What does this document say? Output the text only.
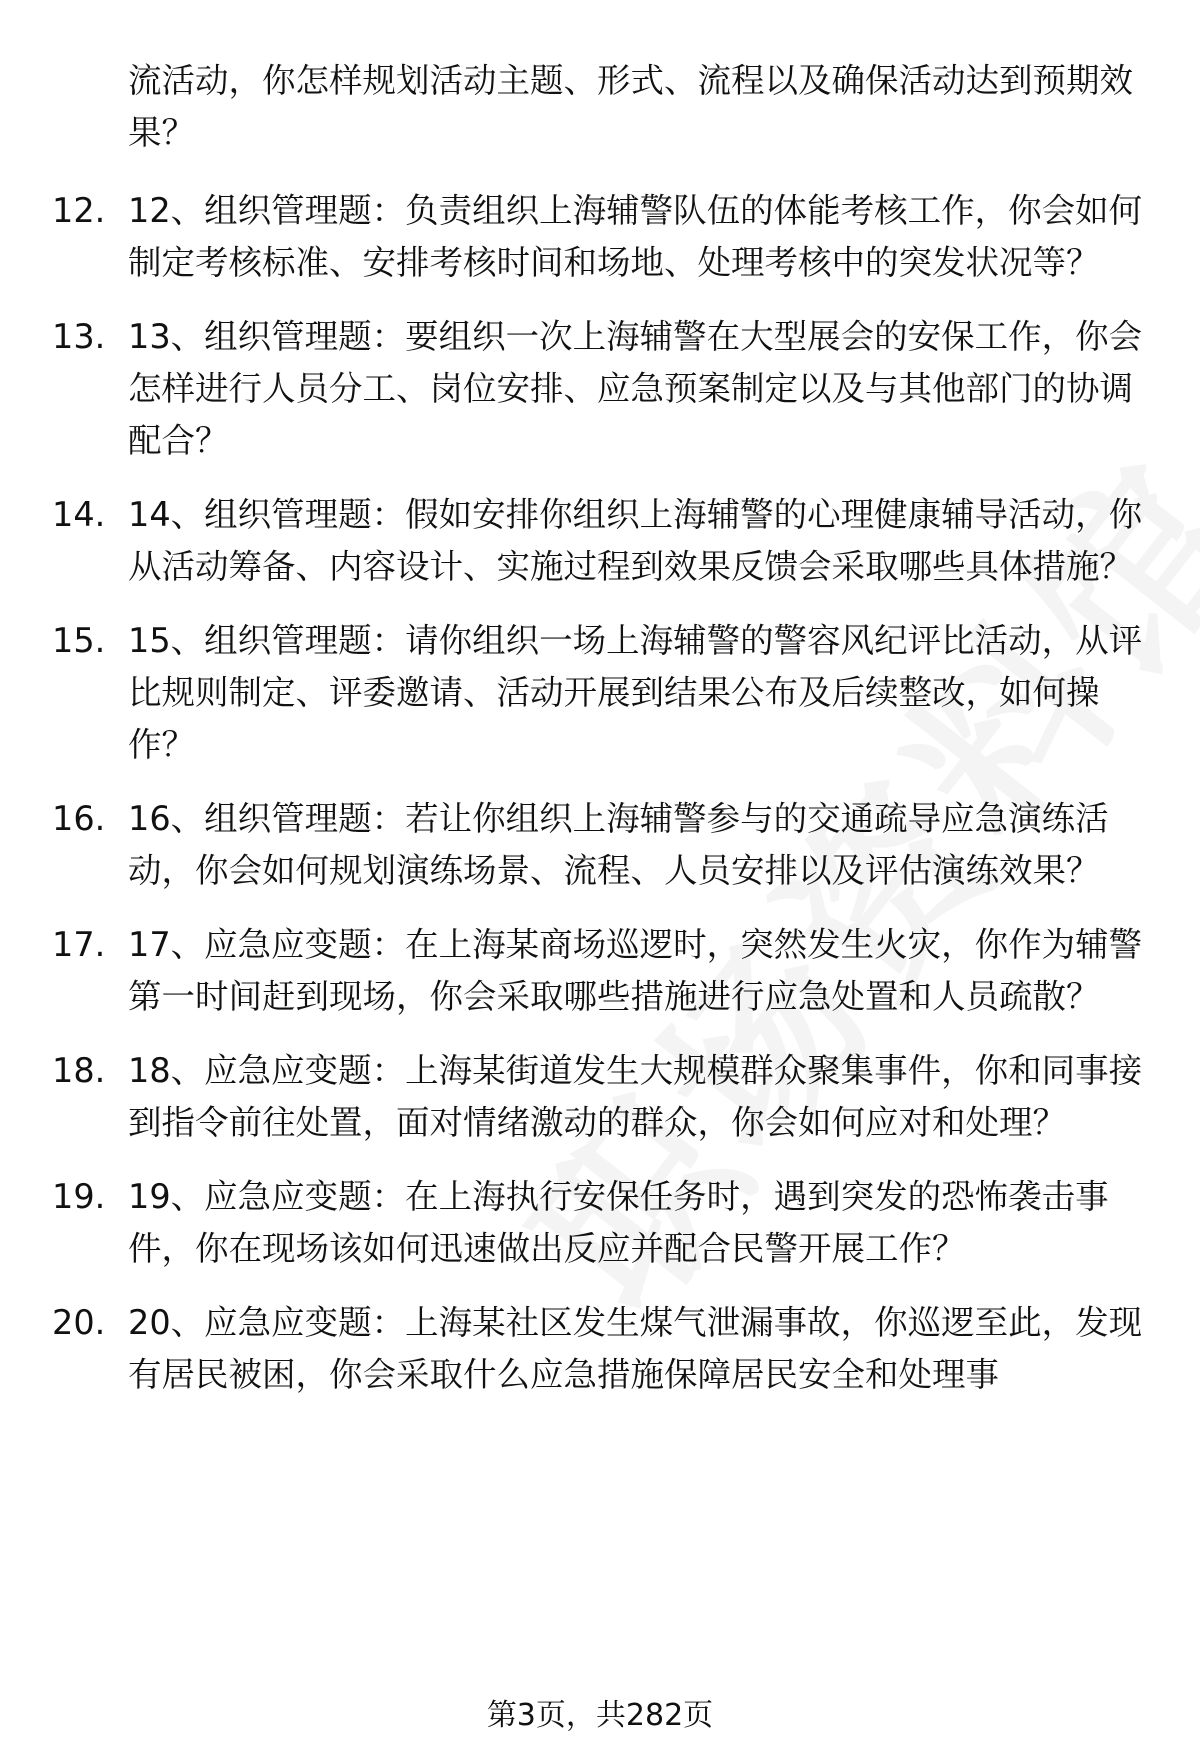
流活动，你怎样规划活动主题、形式、流程以及确保活动达到预期效果？

12. 12、组织管理题：负责组织上海辅警队伍的体能考核工作，你会如何制定考核标准、安排考核时间和场地、处理考核中的突发状况等？
13. 13、组织管理题：要组织一次上海辅警在大型展会的安保工作，你会怎样进行人员分工、岗位安排、应急预案制定以及与其他部门的协调配合？
14. 14、组织管理题：假如安排你组织上海辅警的心理健康辅导活动，你从活动筹备、内容设计、实施过程到效果反馈会采取哪些具体措施？
15. 15、组织管理题：请你组织一场上海辅警的警容风纪评比活动，从评比规则制定、评委邀请、活动开展到结果公布及后续整改，如何操作？
16. 16、组织管理题：若让你组织上海辅警参与的交通疏导应急演练活动，你会如何规划演练场景、流程、人员安排以及评估演练效果？
17. 17、应急应变题：在上海某商场巡逻时，突然发生火灾，你作为辅警第一时间赶到现场，你会采取哪些措施进行应急处置和人员疏散？
18. 18、应急应变题：上海某街道发生大规模群众聚集事件，你和同事接到指令前往处置，面对情绪激动的群众，你会如何应对和处理？
19. 19、应急应变题：在上海执行安保任务时，遇到突发的恐怖袭击事件，你在现场该如何迅速做出反应并配合民警开展工作？
20. 20、应急应变题：上海某社区发生煤气泄漏事故，你巡逻至此，发现有居民被困，你会采取什么应急措施保障居民安全和处理事
第3页，共282页
